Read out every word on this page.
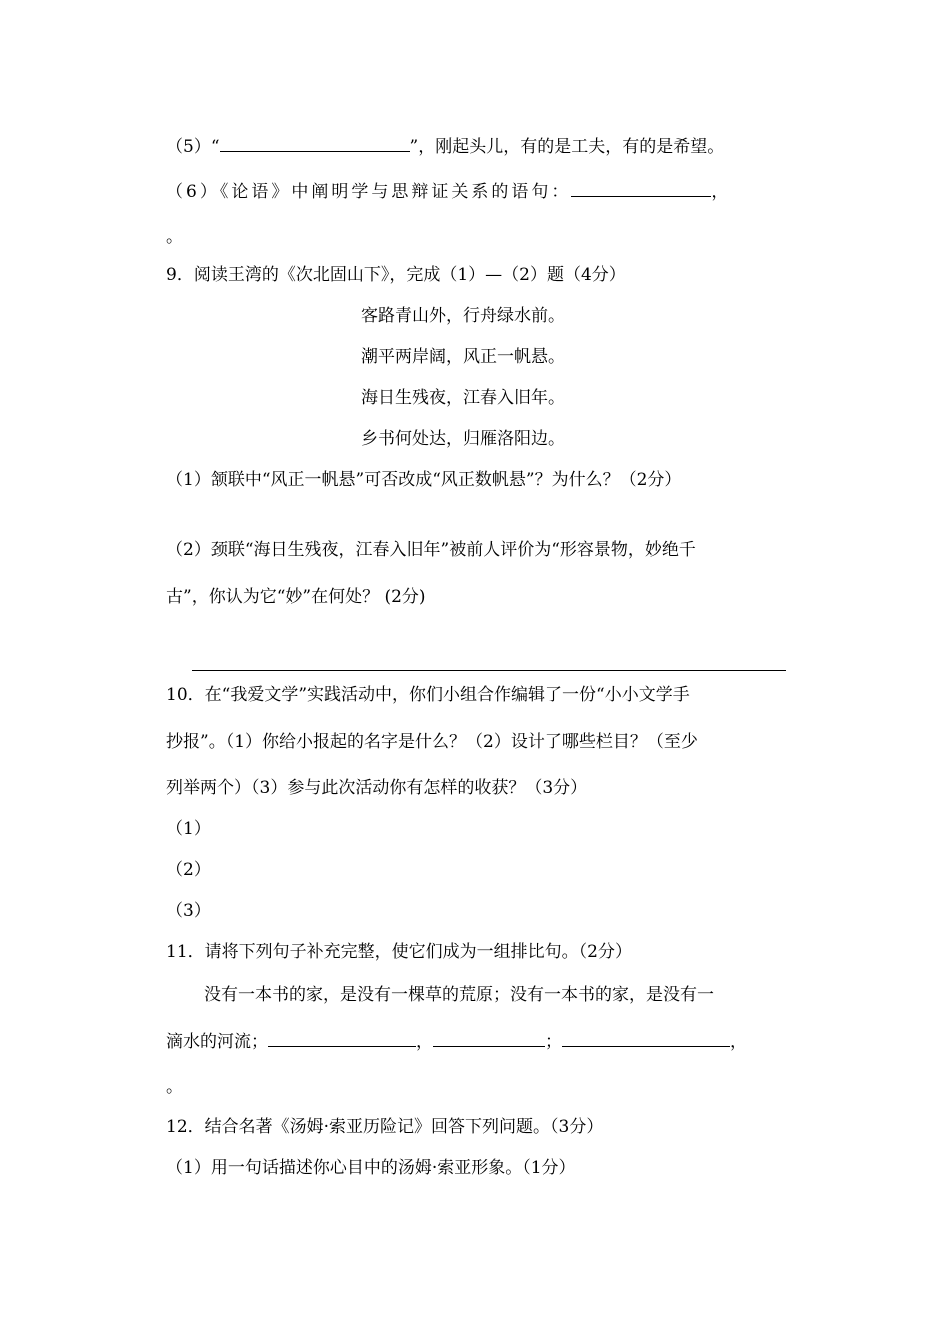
（5）“	”，刚起头儿，有的是工夫，有的是希望。
（6）《论语》中阐明学与思辩证关系的语句：	，
。
9．阅读王湾的《次北固山下》，完成（1）—（2）题（4分）
客路青山外，行舟绿水前。
潮平两岸阔，风正一帆悬。
海日生残夜，江春入旧年。
乡书何处达，归雁洛阳边。
（1）颔联中“风正一帆悬”可否改成“风正数帆悬”？为什么？（2分）
（2）颈联“海日生残夜，江春入旧年”被前人评价为“形容景物，妙绝千
古”，你认为它“妙”在何处？ (2分)
10．在“我爱文学”实践活动中，你们小组合作编辑了一份“小小文学手
抄报”。（1）你给小报起的名字是什么？（2）设计了哪些栏目？（至少
列举两个）（3）参与此次活动你有怎样的收获？（3分）
（1）
（2）
（3）
11．请将下列句子补充完整，使它们成为一组排比句。（2分）
没有一本书的家，是没有一棵草的荒原；没有一本书的家，是没有一
滴水的河流；	，	；	，
。
12．结合名著《汤姆·索亚历险记》回答下列问题。（3分）
（1）用一句话描述你心目中的汤姆·索亚形象。（1分）
